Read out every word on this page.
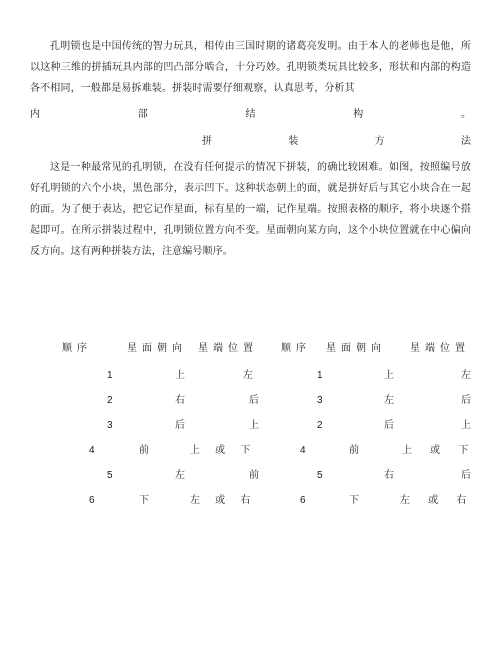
孔明锁也是中国传统的智力玩具，相传由三国时期的诸葛亮发明。由于本人的老师也是他，所以这种三维的拼插玩具内部的凹凸部分啮合，十分巧妙。孔明锁类玩具比较多，形状和内部的构造各不相同，一般都是易拆难装。拼装时需要仔细观察，认真思考，分析其

内	部	结	构	。
拼	装	方	法

这是一种最常见的孔明锁，在没有任何提示的情况下拼装，的确比较困难。如图，按照编号放好孔明锁的六个小块，黑色部分，表示凹下。这种状态朝上的面，就是拼好后与其它小块合在一起的面。为了便于表达，把它记作星面，标有星的一端，记作星端。按照表格的顺序，将小块逐个搭起即可。在所示拼装过程中，孔明锁位置方向不变。星面朝向某方向，这个小块位置就在中心偏向反方向。这有两种拼装方法，注意编号顺序。

顺序	星面朝向 星端位置 顺序 星面朝向 星端位置
1	上	左	1	上	左
2	右	后	3	左	后
3	后	上	2	后	上
4	前	上 或 下	4	前	上 或 下
5	左	前	5	右	后
6	下	左 或 右	6	下	左 或 右
